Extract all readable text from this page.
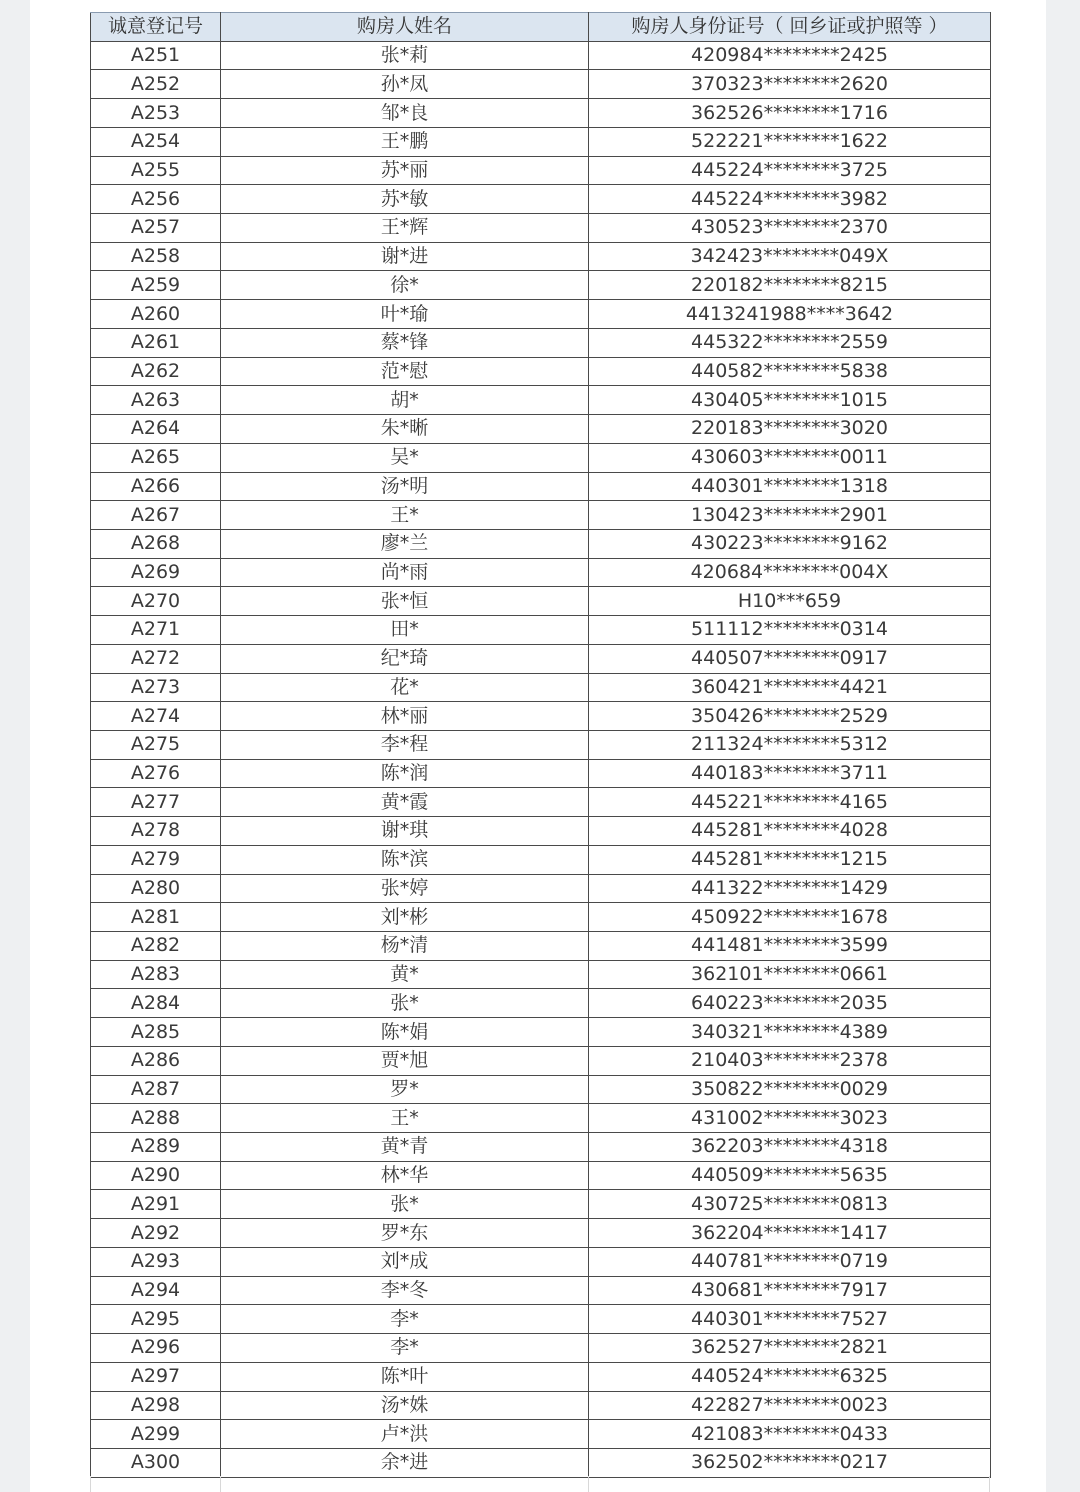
诚意登记号	购房人姓名	购房人身份证号（ 回乡证或护照等 ）
A251	张*莉	420984********2425
A252	孙*凤	370323********2620
A253	邹*良	362526********1716
A254	王*鹏	522221********1622
A255	苏*丽	445224********3725
A256	苏*敏	445224********3982
A257	王*辉	430523********2370
A258	谢*进	342423********049X
A259	徐*	220182********8215
A260	叶*瑜	4413241988****3642
A261	蔡*锋	445322********2559
A262	范*慰	440582********5838
A263	胡*	430405********1015
A264	朱*晰	220183********3020
A265	吴*	430603********0011
A266	汤*明	440301********1318
A267	王*	130423********2901
A268	廖*兰	430223********9162
A269	尚*雨	420684********004X
A270	张*恒	H10***659
A271	田*	511112********0314
A272	纪*琦	440507********0917
A273	花*	360421********4421
A274	林*丽	350426********2529
A275	李*程	211324********5312
A276	陈*润	440183********3711
A277	黄*霞	445221********4165
A278	谢*琪	445281********4028
A279	陈*滨	445281********1215
A280	张*婷	441322********1429
A281	刘*彬	450922********1678
A282	杨*清	441481********3599
A283	黄*	362101********0661
A284	张*	640223********2035
A285	陈*娟	340321********4389
A286	贾*旭	210403********2378
A287	罗*	350822********0029
A288	王*	431002********3023
A289	黄*青	362203********4318
A290	林*华	440509********5635
A291	张*	430725********0813
A292	罗*东	362204********1417
A293	刘*成	440781********0719
A294	李*冬	430681********7917
A295	李*	440301********7527
A296	李*	362527********2821
A297	陈*叶	440524********6325
A298	汤*姝	422827********0023
A299	卢*洪	421083********0433
A300	余*进	362502********0217
